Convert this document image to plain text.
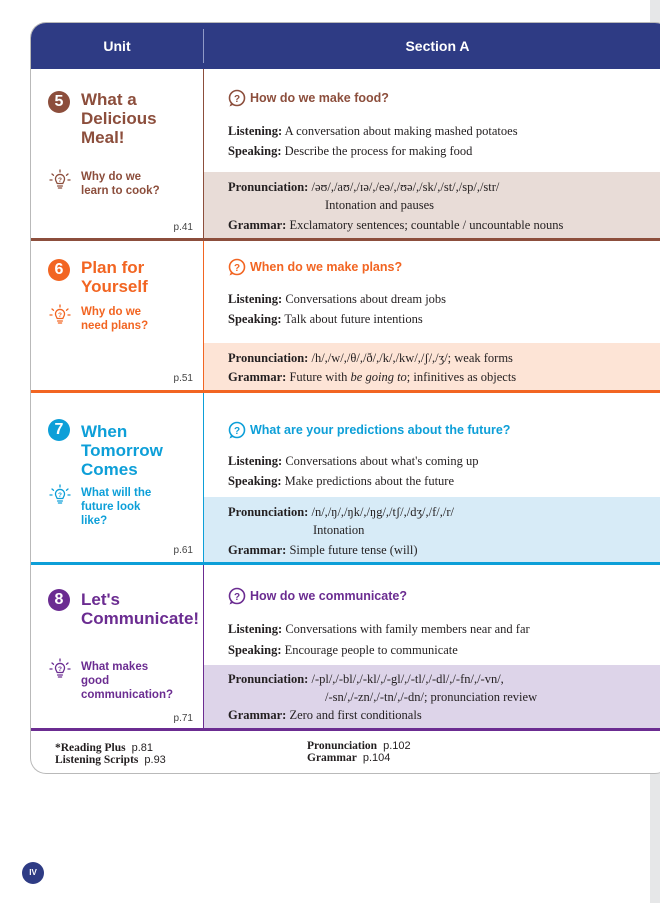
Unit	Section A
5	What a
Delicious
Meal!
? Why do we
learn to cook?
p.41
? How do we make food?
Listening: A conversation about making mashed potatoes
Speaking: Describe the process for making food
Pronunciation: /əʊ/,/aʊ/,/ɪə/,/eə/,/ʊə/,/sk/,/st/,/sp/,/str/
Intonation and pauses
Grammar: Exclamatory sentences; countable / uncountable nouns
6	Plan for
Yourself
? Why do we
need plans?
p.51
? When do we make plans?
Listening: Conversations about dream jobs
Speaking: Talk about future intentions
Pronunciation: /h/,/w/,/θ/,/ð/,/k/,/kw/,/ʃ/,/ʒ/; weak forms
Grammar: Future with be going to; infinitives as objects
7	When
Tomorrow
Comes
? What will the
future look
like?
p.61
? What are your predictions about the future?
Listening: Conversations about what's coming up
Speaking: Make predictions about the future
Pronunciation: /n/,/ŋ/,/ŋk/,/ŋg/,/tʃ/,/dʒ/,/f/,/r/
Intonation
Grammar: Simple future tense (will)
8	Let's
Communicate!
? What makes
good
communication?
p.71
? How do we communicate?
Listening: Conversations with family members near and far
Speaking: Encourage people to communicate
Pronunciation: /-pl/,/-bl/,/-kl/,/-gl/,/-tl/,/-dl/,/-fn/,/-vn/,
/-sn/,/-zn/,/-tn/,/-dn/; pronunciation review
Grammar: Zero and first conditionals
*Reading Plus p.81
Listening Scripts p.93
Pronunciation p.102
Grammar p.104
IV
